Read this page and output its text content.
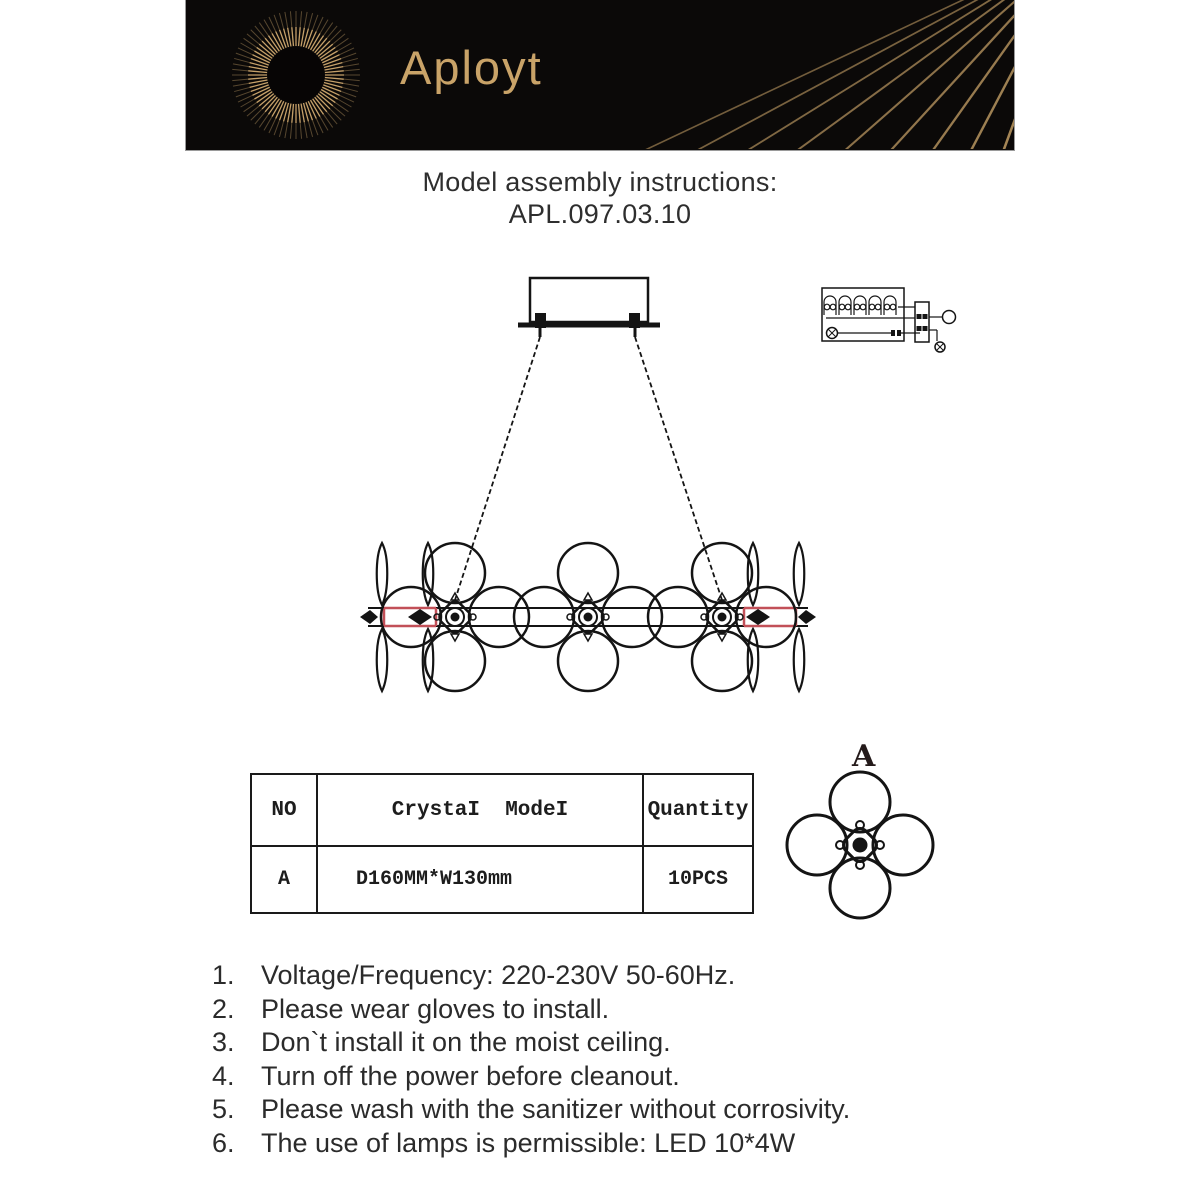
Aployt
Model assembly instructions:
APL.097.03.10
NO	CrystaI  ModeI	Quantity
A	D160MM*W130mm	10PCS
A
1. Voltage/Frequency: 220-230V 50-60Hz.
2. Please wear gloves to install.
3. Don`t install it on the moist ceiling.
4. Turn off the power before cleanout.
5. Please wash with the sanitizer without corrosivity.
6. The use of lamps is permissible: LED 10*4W
